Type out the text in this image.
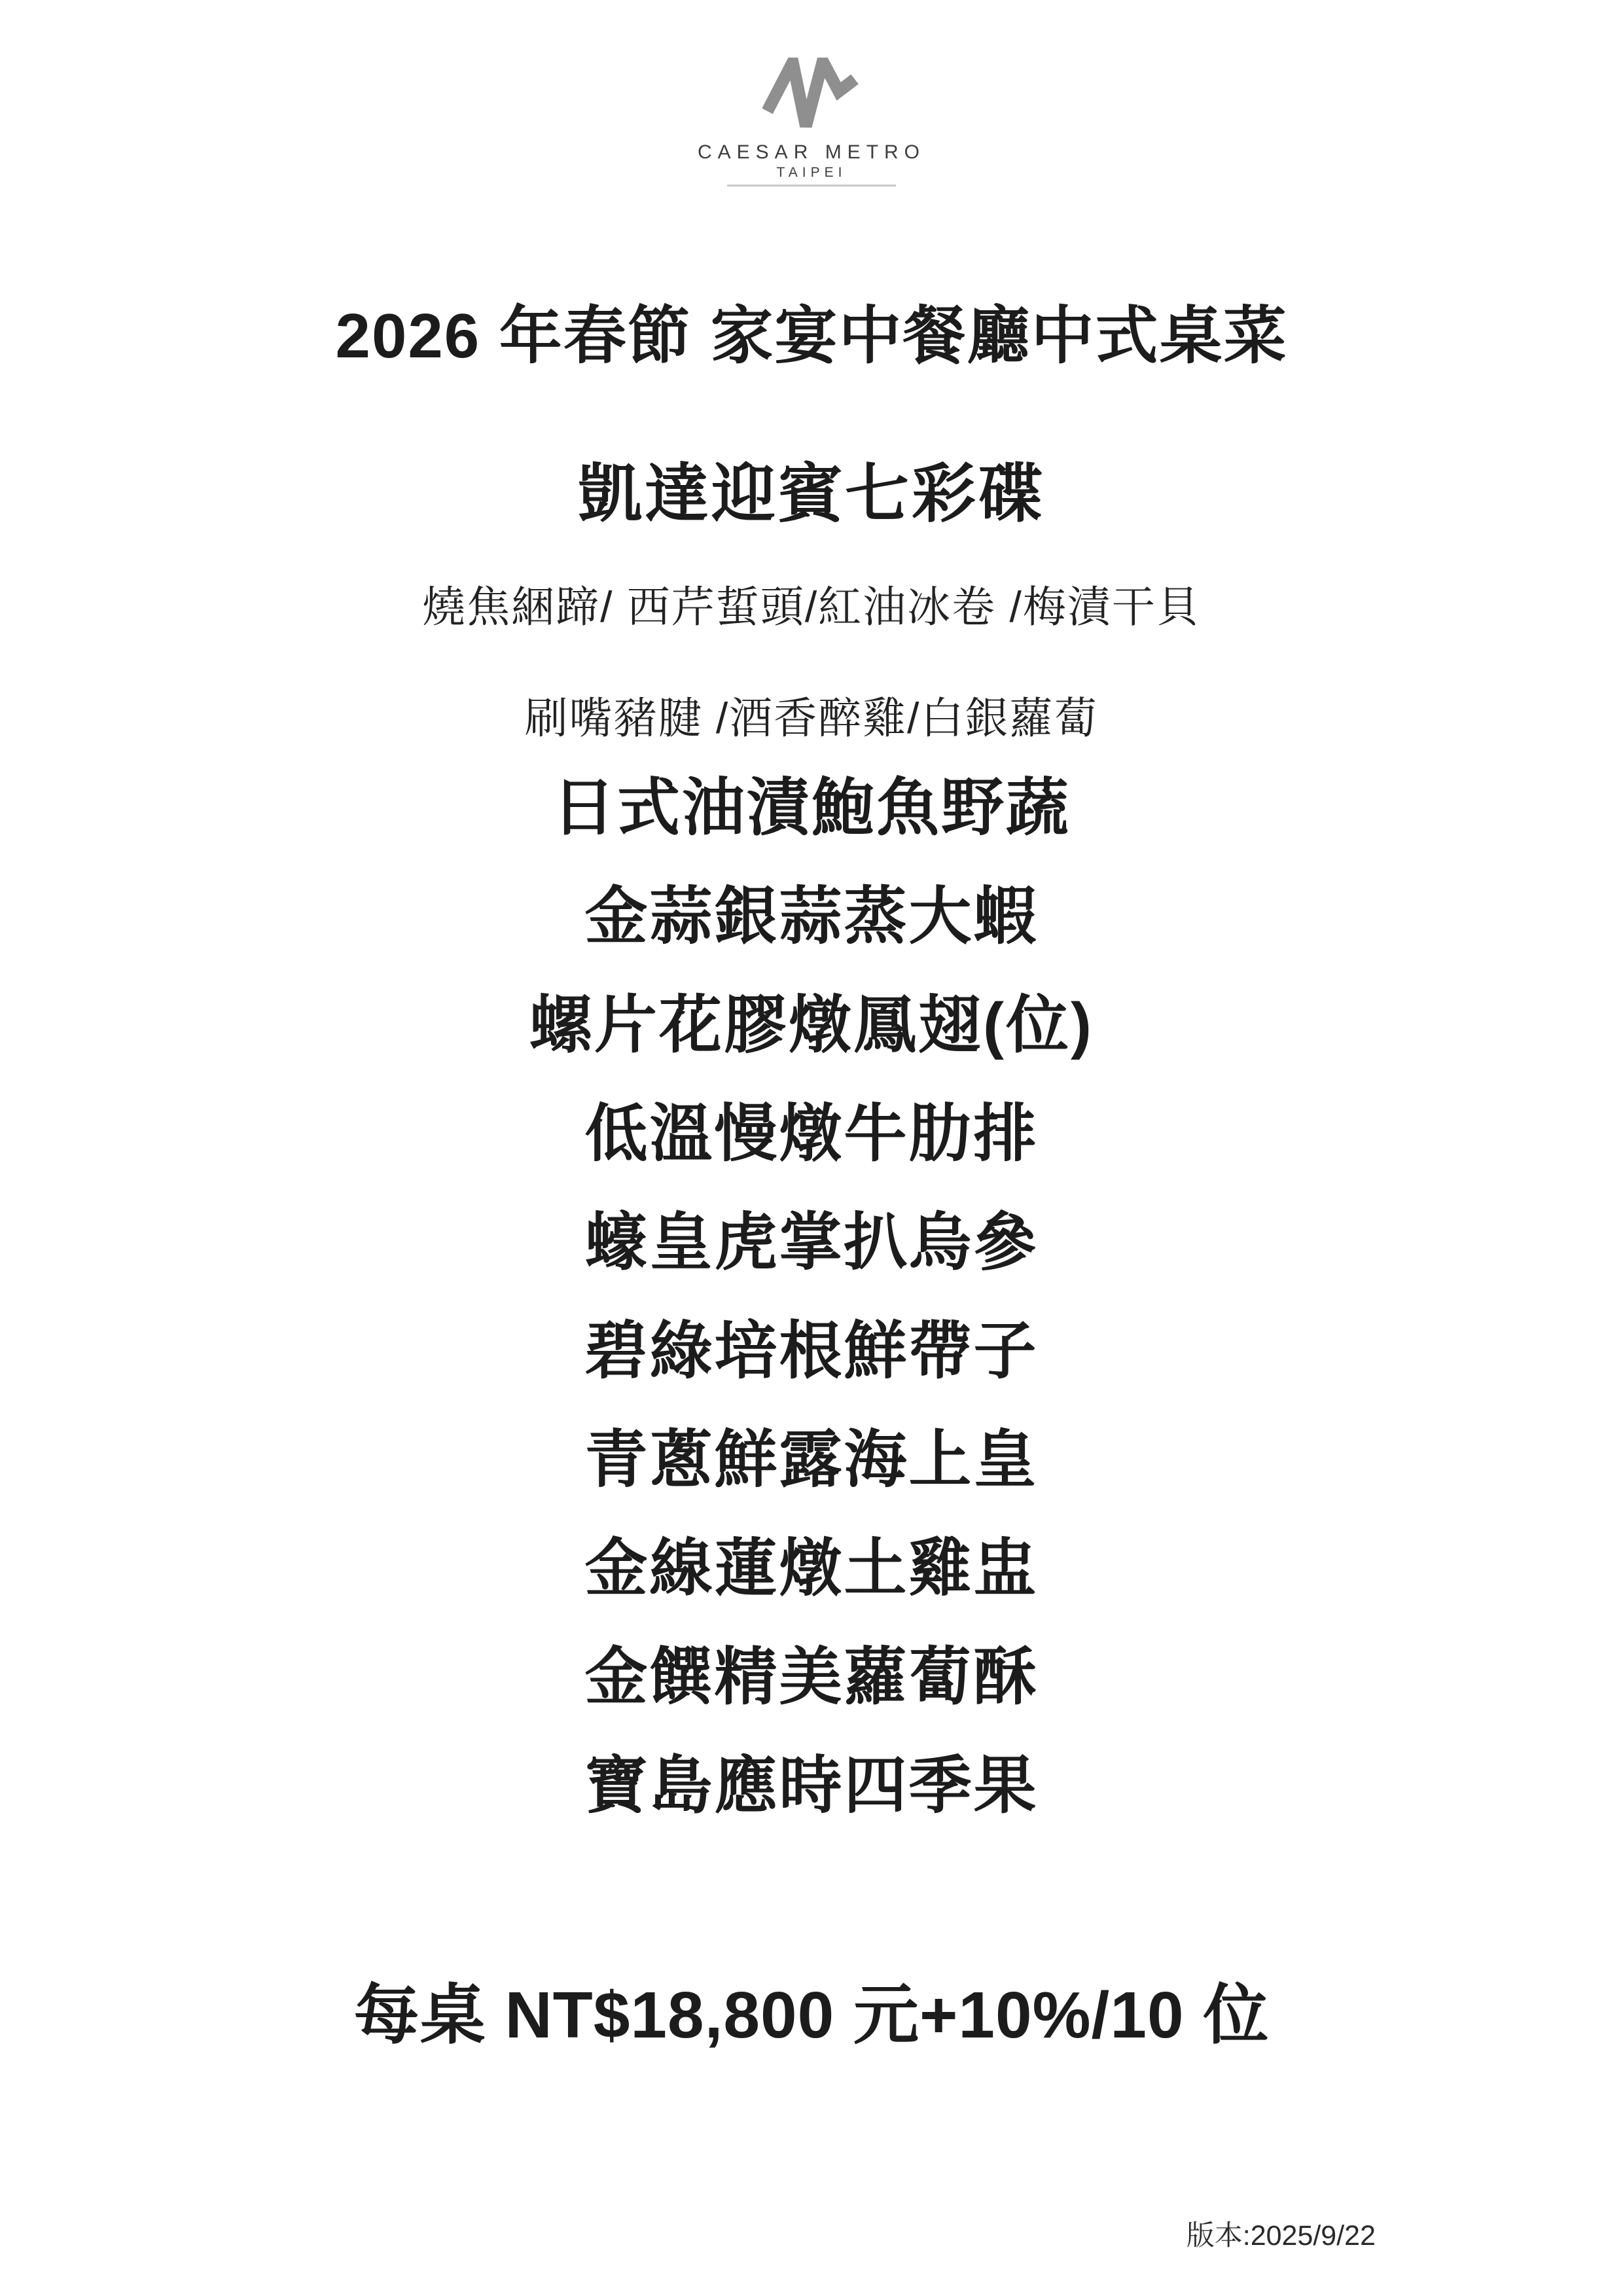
CAESAR METRO
TAIPEI
2026 年春節 家宴中餐廳中式桌菜
凱達迎賓七彩碟
燒焦綑蹄/ 西芹蜇頭/紅油冰卷 /梅漬干貝
刷嘴豬腱 /酒香醉雞/白銀蘿蔔
日式油漬鮑魚野蔬
金蒜銀蒜蒸大蝦
螺片花膠燉鳳翅(位)
低溫慢燉牛肋排
蠔皇虎掌扒烏參
碧綠培根鮮帶子
青蔥鮮露海上皇
金線蓮燉土雞盅
金饌精美蘿蔔酥
寶島應時四季果
每桌 NT$18,800 元+10%/10 位
版本:2025/9/22
